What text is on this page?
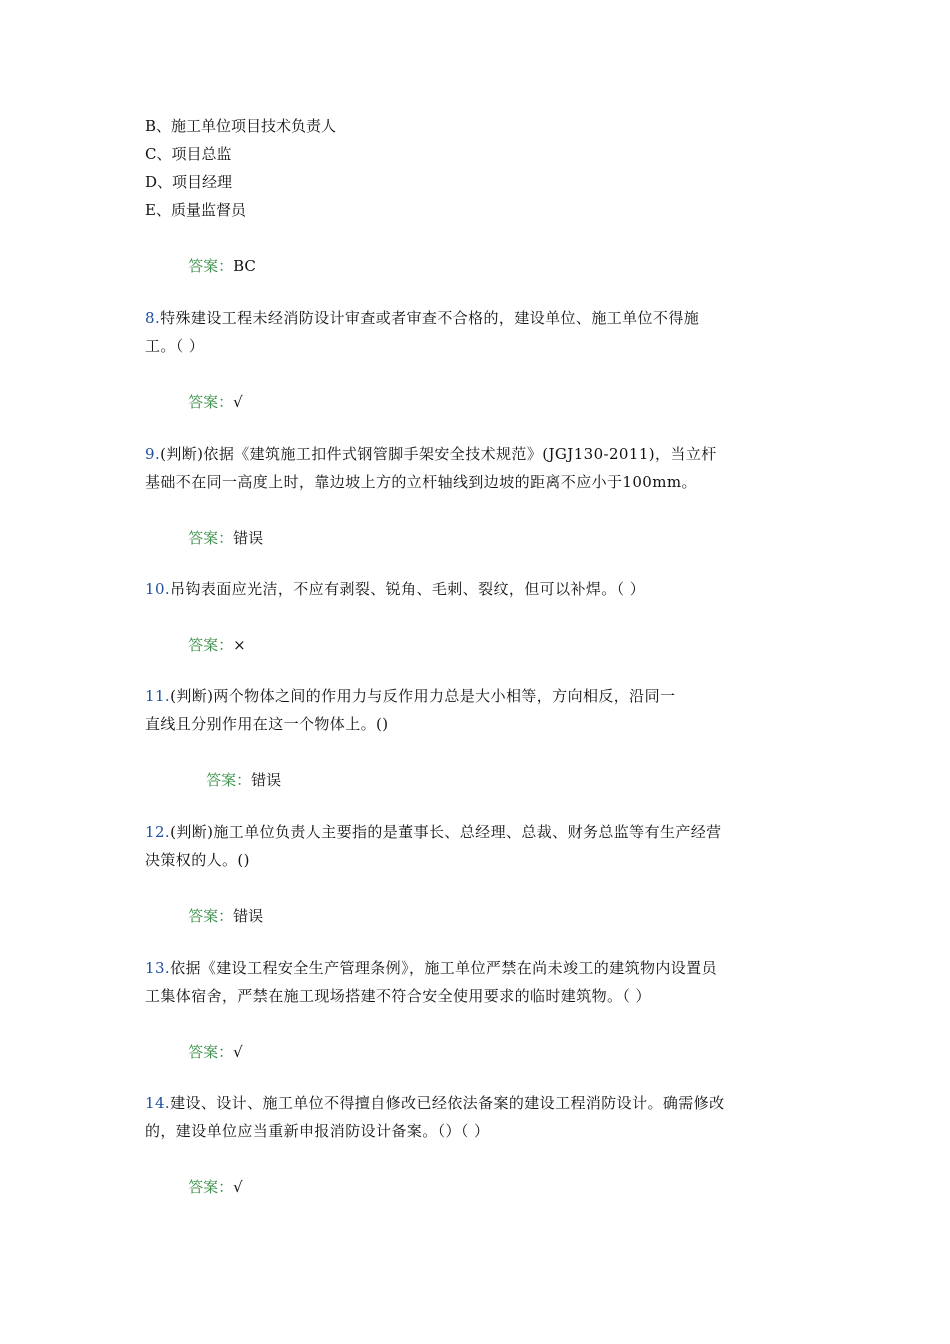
B、施工单位项目技术负责人
C、项目总监
D、项目经理
E、质量监督员

答案：BC

8.特殊建设工程未经消防设计审查或者审查不合格的，建设单位、施工单位不得施
工。（ ）

答案：√

9.(判断)依据《建筑施工扣件式钢管脚手架安全技术规范》(JGJ130-2011)，当立杆
基础不在同一高度上时，靠边坡上方的立杆轴线到边坡的距离不应小于100mm。

答案：错误

10.吊钩表面应光洁，不应有剥裂、锐角、毛刺、裂纹，但可以补焊。（ ）

答案：×

11.(判断)两个物体之间的作用力与反作用力总是大小相等，方向相反，沿同一
直线且分别作用在这一个物体上。()

答案：错误

12.(判断)施工单位负责人主要指的是董事长、总经理、总裁、财务总监等有生产经营
决策权的人。()

答案：错误

13.依据《建设工程安全生产管理条例》，施工单位严禁在尚未竣工的建筑物内设置员
工集体宿舍，严禁在施工现场搭建不符合安全使用要求的临时建筑物。（ ）

答案：√

14.建设、设计、施工单位不得擅自修改已经依法备案的建设工程消防设计。确需修改
的，建设单位应当重新申报消防设计备案。（）（ ）

答案：√
